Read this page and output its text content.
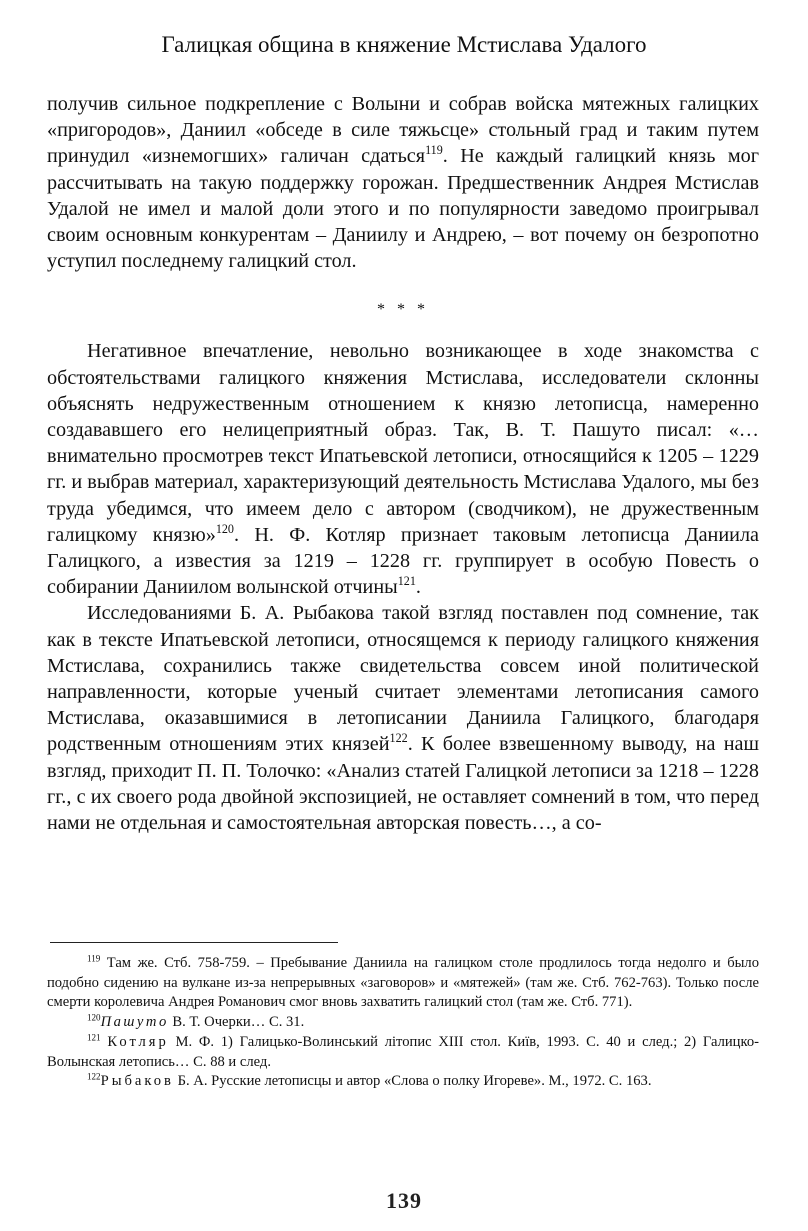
Галицкая община в княжение Мстислава Удалого

получив сильное подкрепление с Волыни и собрав войска мятежных галицких «пригородов», Даниил «обседе в силе тяжьсце» стольный град и таким путем принудил «изнемогших» галичан сдаться$^{119}$. Не каждый галицкий князь мог рассчитывать на такую поддержку горожан. Предшественник Андрея Мстислав Удалой не имел и малой доли этого и по популярности заведомо проигрывал своим основным конкурентам – Даниилу и Андрею, – вот почему он безропотно уступил последнему галицкий стол.

* * *

Негативное впечатление, невольно возникающее в ходе знакомства с обстоятельствами галицкого княжения Мстислава, исследователи склонны объяснять недружественным отношением к князю летописца, намеренно создававшего его нелицеприятный образ. Так, В. Т. Пашуто писал: «…внимательно просмотрев текст Ипатьевской летописи, относящийся к 1205 – 1229 гг. и выбрав материал, характеризующий деятельность Мстислава Удалого, мы без труда убедимся, что имеем дело с автором (сводчиком), не дружественным галицкому князю»$^{120}$. Н. Ф. Котляр признает таковым летописца Даниила Галицкого, а известия за 1219 – 1228 гг. группирует в особую Повесть о собирании Даниилом волынской отчины$^{121}$.

Исследованиями Б. А. Рыбакова такой взгляд поставлен под сомнение, так как в тексте Ипатьевской летописи, относящемся к периоду галицкого княжения Мстислава, сохранились также свидетельства совсем иной политической направленности, которые ученый считает элементами летописания самого Мстислава, оказавшимися в летописании Даниила Галицкого, благодаря родственным отношениям этих князей$^{122}$. К более взвешенному выводу, на наш взгляд, приходит П. П. Толочко: «Анализ статей Галицкой летописи за 1218 – 1228 гг., с их своего рода двойной экспозицией, не оставляет сомнений в том, что перед нами не отдельная и самостоятельная авторская повесть…, а со-

$^{119}$ Там же. Стб. 758-759. – Пребывание Даниила на галицком столе продлилось тогда недолго и было подобно сидению на вулкане из-за непрерывных «заговоров» и «мятежей» (там же. Стб. 762-763). Только после смерти королевича Андрея Романович смог вновь захватить галицкий стол (там же. Стб. 771).

$^{120}$Пашуто В. Т. Очерки… С. 31.

$^{121}$ Котляр М. Ф. 1) Галицько-Волинський літопис XIII стол. Київ, 1993. С. 40 и след.; 2) Галицко-Волынская летопись… С. 88 и след.

$^{122}$Рыбаков Б. А. Русские летописцы и автор «Слова о полку Игореве». М., 1972. С. 163.

139
